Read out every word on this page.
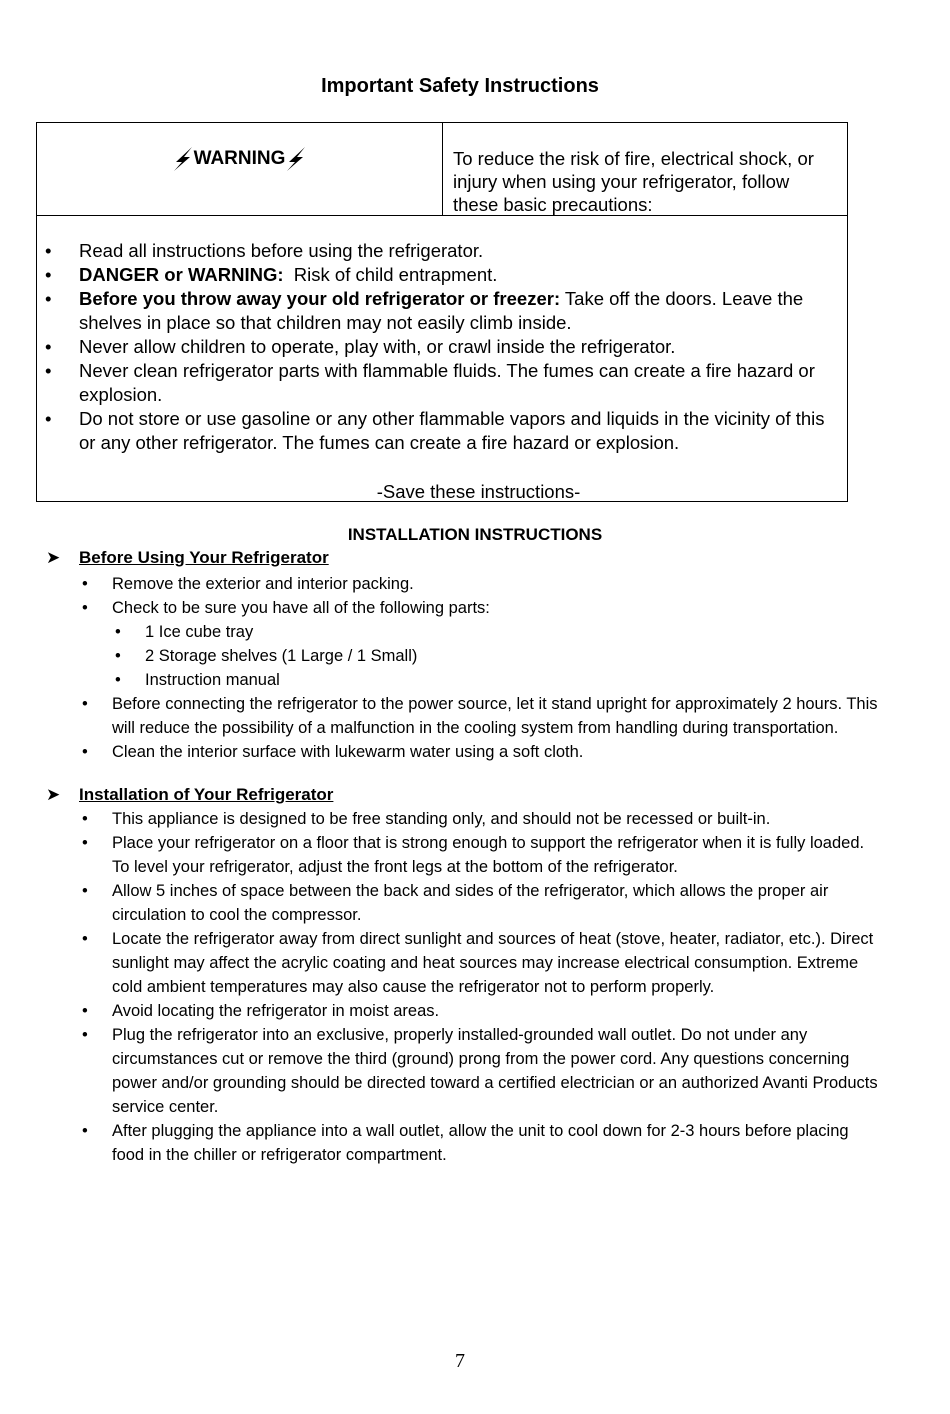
Important Safety Instructions
WARNING	To reduce the risk of fire, electrical shock, or injury when using your refrigerator, follow these basic precautions:
• Read all instructions before using the refrigerator.
• DANGER or WARNING:  Risk of child entrapment.
• Before you throw away your old refrigerator or freezer: Take off the doors. Leave the shelves in place so that children may not easily climb inside.
• Never allow children to operate, play with, or crawl inside the refrigerator.
• Never clean refrigerator parts with flammable fluids. The fumes can create a fire hazard or explosion.
• Do not store or use gasoline or any other flammable vapors and liquids in the vicinity of this or any other refrigerator. The fumes can create a fire hazard or explosion.
-Save these instructions-
INSTALLATION INSTRUCTIONS
➤ Before Using Your Refrigerator
• Remove the exterior and interior packing.
• Check to be sure you have all of the following parts:
• 1 Ice cube tray
• 2 Storage shelves (1 Large / 1 Small)
• Instruction manual
• Before connecting the refrigerator to the power source, let it stand upright for approximately 2 hours. This will reduce the possibility of a malfunction in the cooling system from handling during transportation.
• Clean the interior surface with lukewarm water using a soft cloth.
➤ Installation of Your Refrigerator
• This appliance is designed to be free standing only, and should not be recessed or built-in.
• Place your refrigerator on a floor that is strong enough to support the refrigerator when it is fully loaded. To level your refrigerator, adjust the front legs at the bottom of the refrigerator.
• Allow 5 inches of space between the back and sides of the refrigerator, which allows the proper air circulation to cool the compressor.
• Locate the refrigerator away from direct sunlight and sources of heat (stove, heater, radiator, etc.). Direct sunlight may affect the acrylic coating and heat sources may increase electrical consumption. Extreme cold ambient temperatures may also cause the refrigerator not to perform properly.
• Avoid locating the refrigerator in moist areas.
• Plug the refrigerator into an exclusive, properly installed-grounded wall outlet. Do not under any circumstances cut or remove the third (ground) prong from the power cord. Any questions concerning power and/or grounding should be directed toward a certified electrician or an authorized Avanti Products service center.
• After plugging the appliance into a wall outlet, allow the unit to cool down for 2-3 hours before placing food in the chiller or refrigerator compartment.
7
